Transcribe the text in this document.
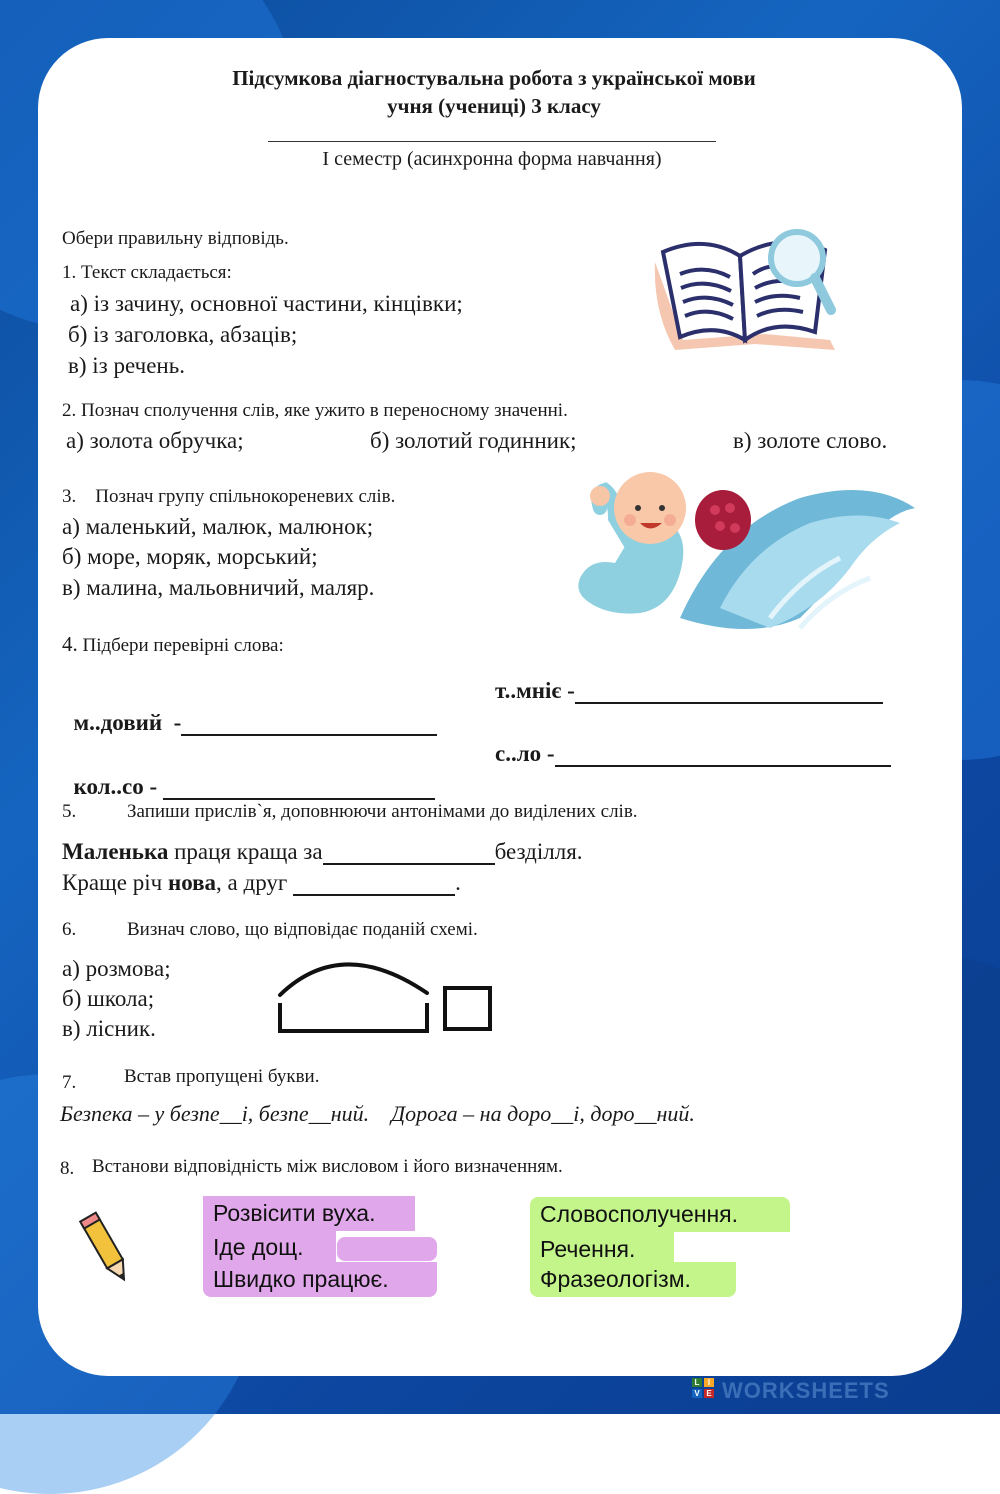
Підсумкова діагностувальна робота з української мови
учня (учениці) 3 класу
І семестр (асинхронна форма навчання)
Обери правильну відповідь.
1. Текст складається:
а) із зачину, основної частини, кінцівки;
б) із заголовка, абзаців;
в) із речень.
2. Познач сполучення слів, яке ужито в переносному значенні.
а) золота обручка;	б) золотий годинник;	в) золоте слово.
3.    Познач групу спільнокореневих слів.
а) маленький, малюк, малюнок;
б) море, моряк, морський;
в) малина, мальовничий, маляр.
4. Підбери перевірні слова:

м..довий  -

т..мніє -

кол..со -

с..ло -
5.	Запиши прислів`я, доповнюючи антонімами до виділених слів.
Маленька праця краща за	безділля.
Краще річ нова, а друг	.
6.	Визнач слово, що відповідає поданій схемі.
а) розмова;
б) школа;
в) лісник.
7.	Встав пропущені букви.
Безпека – у безпе__і, безпе__ний.    Дорога – на доро__і, доро__ний.
8. Встанови відповідність між висловом і його визначенням.
Розвісити вуха.
Іде дощ.
Швидко працює.
Словосполучення.
Речення.
Фразеологізм.
L	I
V E WORKSHEETS
